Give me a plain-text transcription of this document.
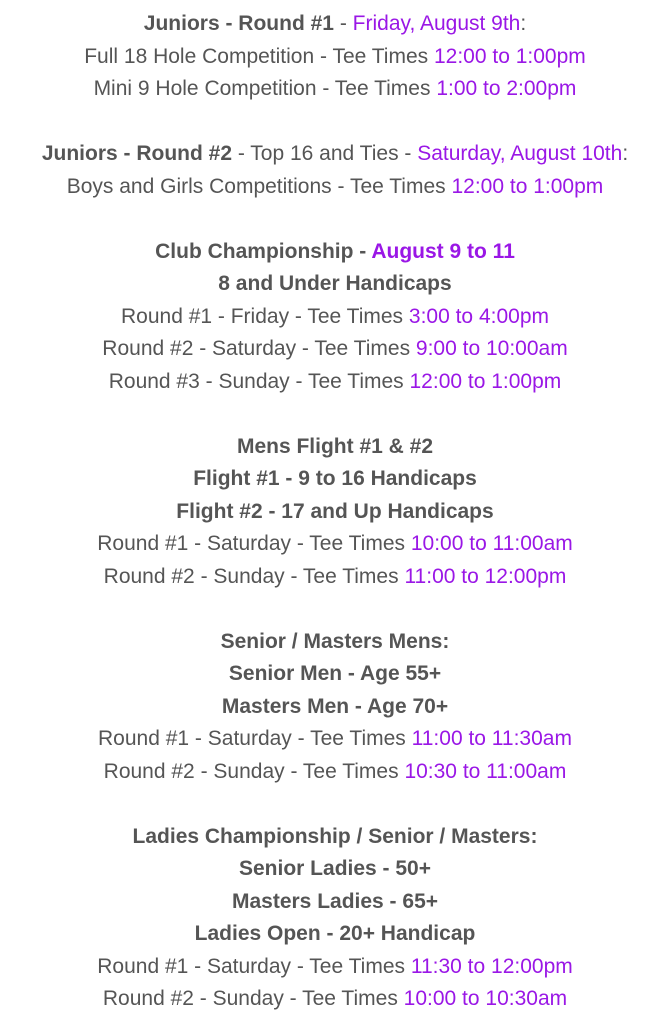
Juniors - Round #1 - Friday, August 9th:
Full 18 Hole Competition - Tee Times 12:00 to 1:00pm
Mini 9 Hole Competition - Tee Times 1:00 to 2:00pm
Juniors - Round #2 - Top 16 and Ties - Saturday, August 10th:
Boys and Girls Competitions - Tee Times 12:00 to 1:00pm
Club Championship - August 9 to 11
8 and Under Handicaps
Round #1 - Friday - Tee Times 3:00 to 4:00pm
Round #2 - Saturday - Tee Times 9:00 to 10:00am
Round #3 - Sunday - Tee Times 12:00 to 1:00pm
Mens Flight #1 & #2
Flight #1 - 9 to 16 Handicaps
Flight #2 - 17 and Up Handicaps
Round #1 - Saturday - Tee Times 10:00 to 11:00am
Round #2 - Sunday - Tee Times 11:00 to 12:00pm
Senior / Masters Mens:
Senior Men - Age 55+
Masters Men - Age 70+
Round #1 - Saturday - Tee Times 11:00 to 11:30am
Round #2 - Sunday - Tee Times 10:30 to 11:00am
Ladies Championship / Senior / Masters:
Senior Ladies - 50+
Masters Ladies - 65+
Ladies Open - 20+ Handicap
Round #1 - Saturday - Tee Times 11:30 to 12:00pm
Round #2 - Sunday - Tee Times 10:00 to 10:30am
